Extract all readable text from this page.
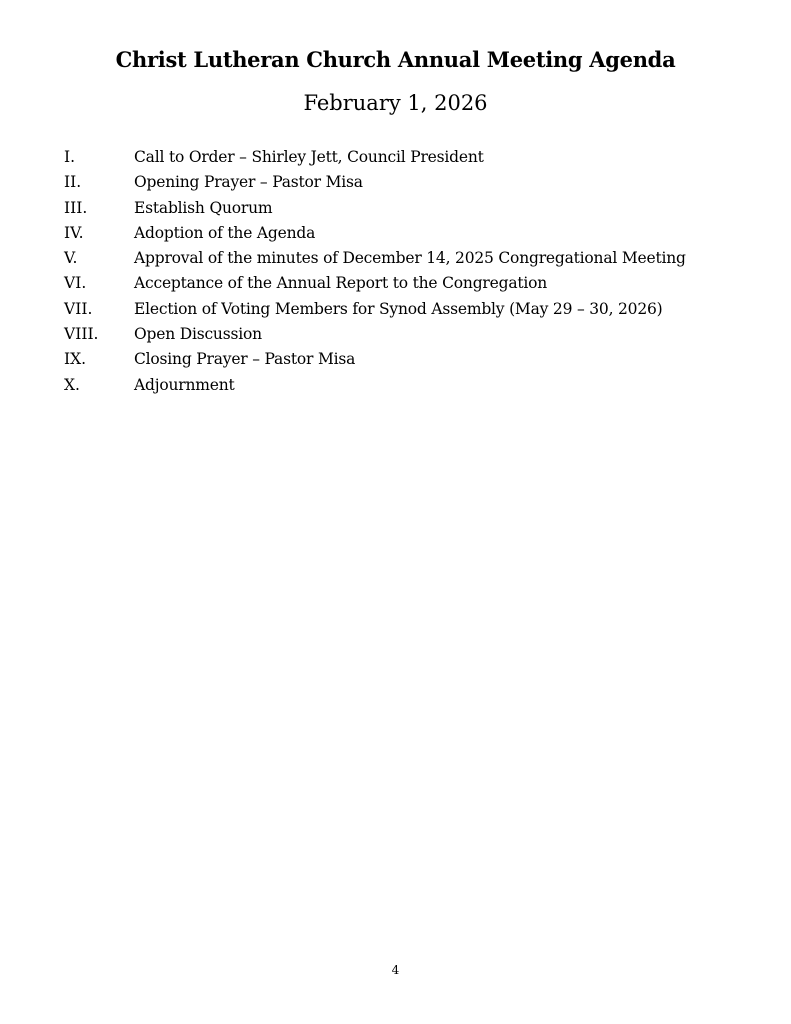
Christ Lutheran Church Annual Meeting Agenda
February 1, 2026
I.	Call to Order – Shirley Jett, Council President
II.	Opening Prayer – Pastor Misa
III.	Establish Quorum
IV.	Adoption of the Agenda
V.	Approval of the minutes of December 14, 2025 Congregational Meeting
VI.	Acceptance of the Annual Report to the Congregation
VII.	Election of Voting Members for Synod Assembly (May 29 – 30, 2026)
VIII. Open Discussion
IX.	Closing Prayer – Pastor Misa
X.	Adjournment
4
